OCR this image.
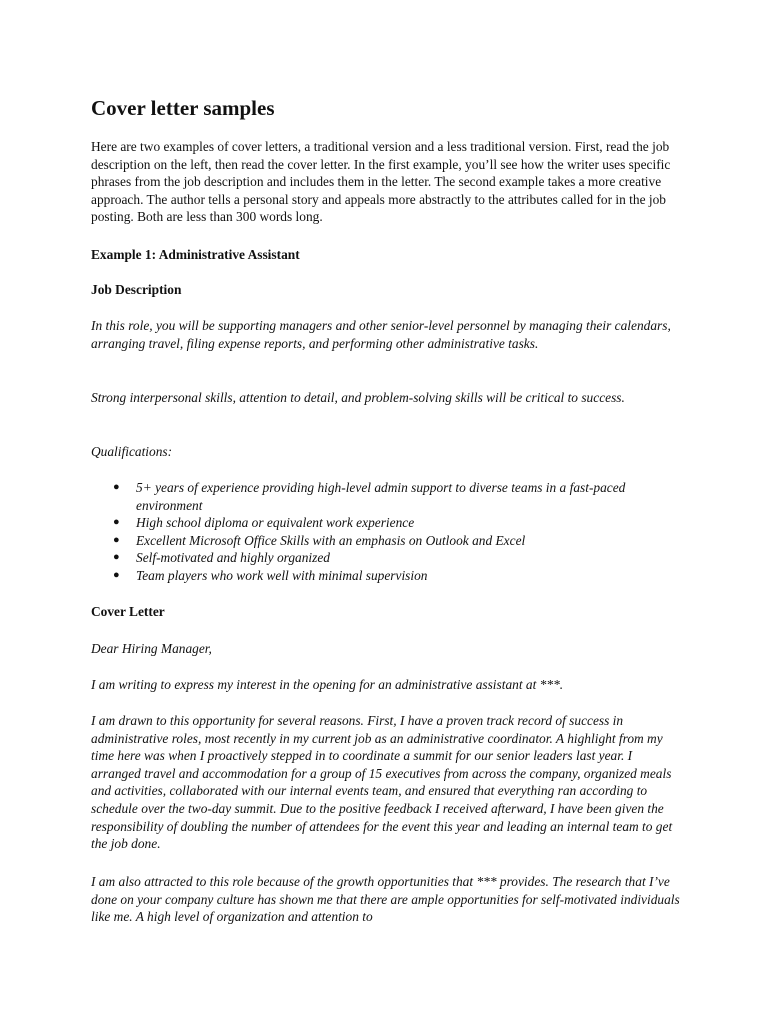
Cover letter samples

Here are two examples of cover letters, a traditional version and a less traditional version. First, read the job description on the left, then read the cover letter. In the first example, you’ll see how the writer uses specific phrases from the job description and includes them in the letter. The second example takes a more creative approach. The author tells a personal story and appeals more abstractly to the attributes called for in the job posting. Both are less than 300 words long.

Example 1: Administrative Assistant
Job Description

In this role, you will be supporting managers and other senior-level personnel by managing their calendars, arranging travel, filing expense reports, and performing other administrative tasks.

Strong interpersonal skills, attention to detail, and problem-solving skills will be critical to success.

Qualifications:

● 5+ years of experience providing high-level admin support to diverse teams in a fast-paced environment
● High school diploma or equivalent work experience
● Excellent Microsoft Office Skills with an emphasis on Outlook and Excel
● Self-motivated and highly organized
● Team players who work well with minimal supervision
Cover Letter

Dear Hiring Manager,

I am writing to express my interest in the opening for an administrative assistant at ***.

I am drawn to this opportunity for several reasons. First, I have a proven track record of success in administrative roles, most recently in my current job as an administrative coordinator. A highlight from my time here was when I proactively stepped in to coordinate a summit for our senior leaders last year. I arranged travel and accommodation for a group of 15 executives from across the company, organized meals and activities, collaborated with our internal events team, and ensured that everything ran according to schedule over the two-day summit. Due to the positive feedback I received afterward, I have been given the responsibility of doubling the number of attendees for the event this year and leading an internal team to get the job done.

I am also attracted to this role because of the growth opportunities that *** provides. The research that I’ve done on your company culture has shown me that there are ample opportunities for self-motivated individuals like me. A high level of organization and attention to
